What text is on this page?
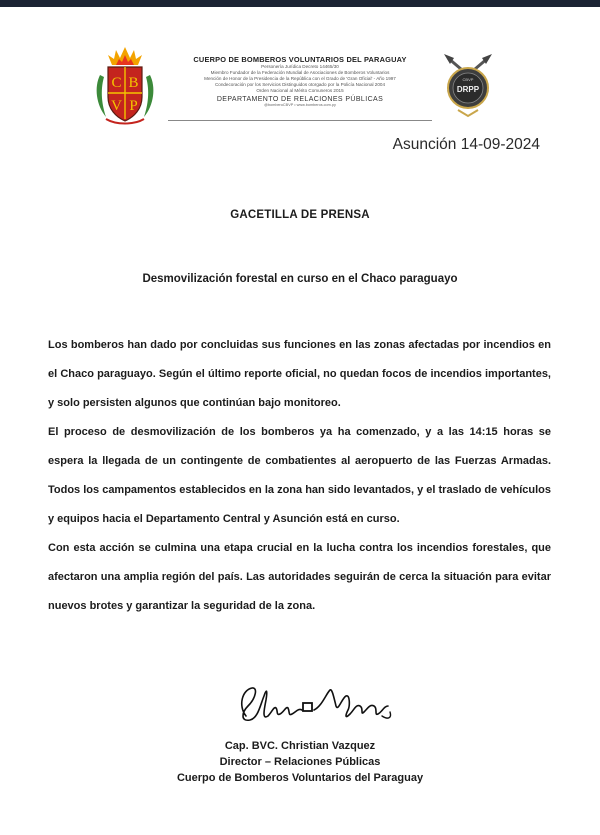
C B
V P
CUERPO DE BOMBEROS VOLUNTARIOS DEL PARAGUAY
Personería Jurídica Decreto 14465/30
Miembro Fundador de la Federación Mundial de Asociaciones de Bomberos Voluntarios
Mención de Honor de la Presidencia de la República con el Grado de 'Gran Oficial' - Año 1997
Condecoración por los Servicios Distinguidos otorgado por la Policía Nacional 2004
Orden Nacional al Mérito Comuneros 2015
DEPARTAMENTO DE RELACIONES PÚBLICAS
@bomberoCBVP • www.bomberos.com.py
CBVP
DRPP
Asunción 14-09-2024
GACETILLA DE PRENSA
Desmovilización forestal en curso en el Chaco paraguayo

Los bomberos han dado por concluidas sus funciones en las zonas afectadas por incendios en el Chaco paraguayo. Según el último reporte oficial, no quedan focos de incendios importantes, y solo persisten algunos que continúan bajo monitoreo.

El proceso de desmovilización de los bomberos ya ha comenzado, y a las 14:15 horas se espera la llegada de un contingente de combatientes al aeropuerto de las Fuerzas Armadas. Todos los campamentos establecidos en la zona han sido levantados, y el traslado de vehículos y equipos hacia el Departamento Central y Asunción está en curso.

Con esta acción se culmina una etapa crucial en la lucha contra los incendios forestales, que afectaron una amplia región del país. Las autoridades seguirán de cerca la situación para evitar nuevos brotes y garantizar la seguridad de la zona.

Cap. BVC. Christian Vazquez
Director – Relaciones Públicas
Cuerpo de Bomberos Voluntarios del Paraguay
